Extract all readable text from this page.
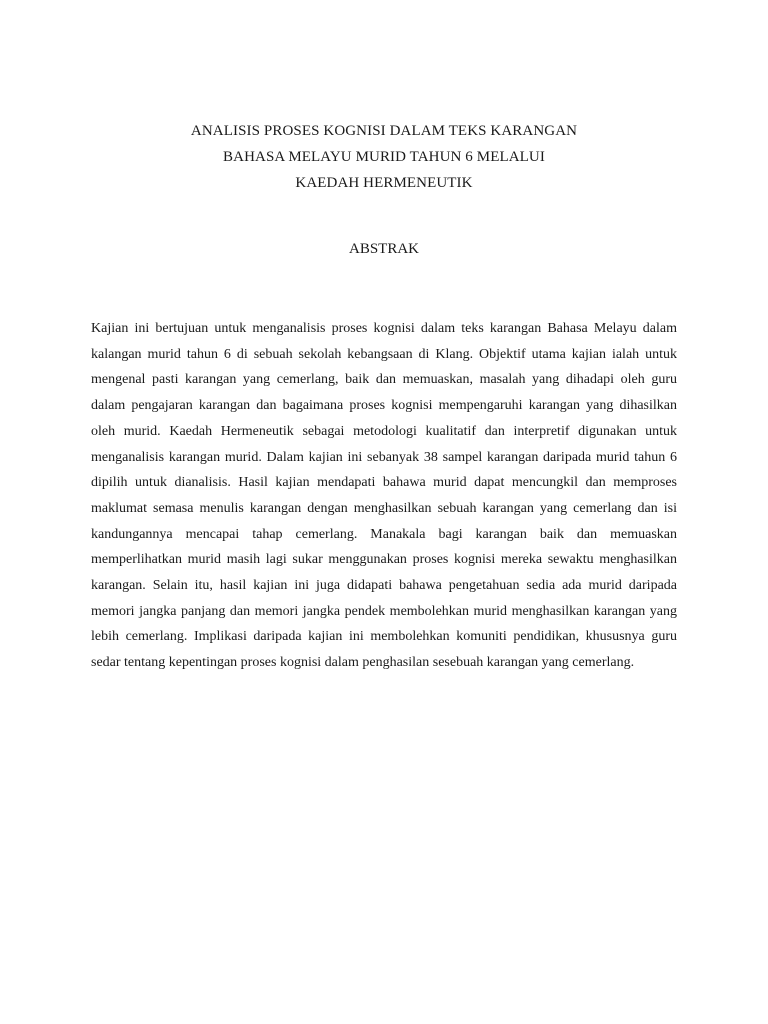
ANALISIS PROSES KOGNISI DALAM TEKS KARANGAN
BAHASA MELAYU MURID TAHUN 6 MELALUI
KAEDAH HERMENEUTIK
ABSTRAK

Kajian ini bertujuan untuk menganalisis proses kognisi dalam teks karangan Bahasa Melayu dalam kalangan murid tahun 6 di sebuah sekolah kebangsaan di Klang. Objektif utama kajian ialah untuk mengenal pasti karangan yang cemerlang, baik dan memuaskan, masalah yang dihadapi oleh guru dalam pengajaran karangan dan bagaimana proses kognisi mempengaruhi karangan yang dihasilkan oleh murid. Kaedah Hermeneutik sebagai metodologi kualitatif dan interpretif digunakan untuk menganalisis karangan murid. Dalam kajian ini sebanyak 38 sampel karangan daripada murid tahun 6 dipilih untuk dianalisis. Hasil kajian mendapati bahawa murid dapat mencungkil dan memproses maklumat semasa menulis karangan dengan menghasilkan sebuah karangan yang cemerlang dan isi kandungannya mencapai tahap cemerlang. Manakala bagi karangan baik dan memuaskan memperlihatkan murid masih lagi sukar menggunakan proses kognisi mereka sewaktu menghasilkan karangan. Selain itu, hasil kajian ini juga didapati bahawa pengetahuan sedia ada murid daripada memori jangka panjang dan memori jangka pendek membolehkan murid menghasilkan karangan yang lebih cemerlang. Implikasi daripada kajian ini membolehkan komuniti pendidikan, khususnya guru sedar tentang kepentingan proses kognisi dalam penghasilan sesebuah karangan yang cemerlang.
